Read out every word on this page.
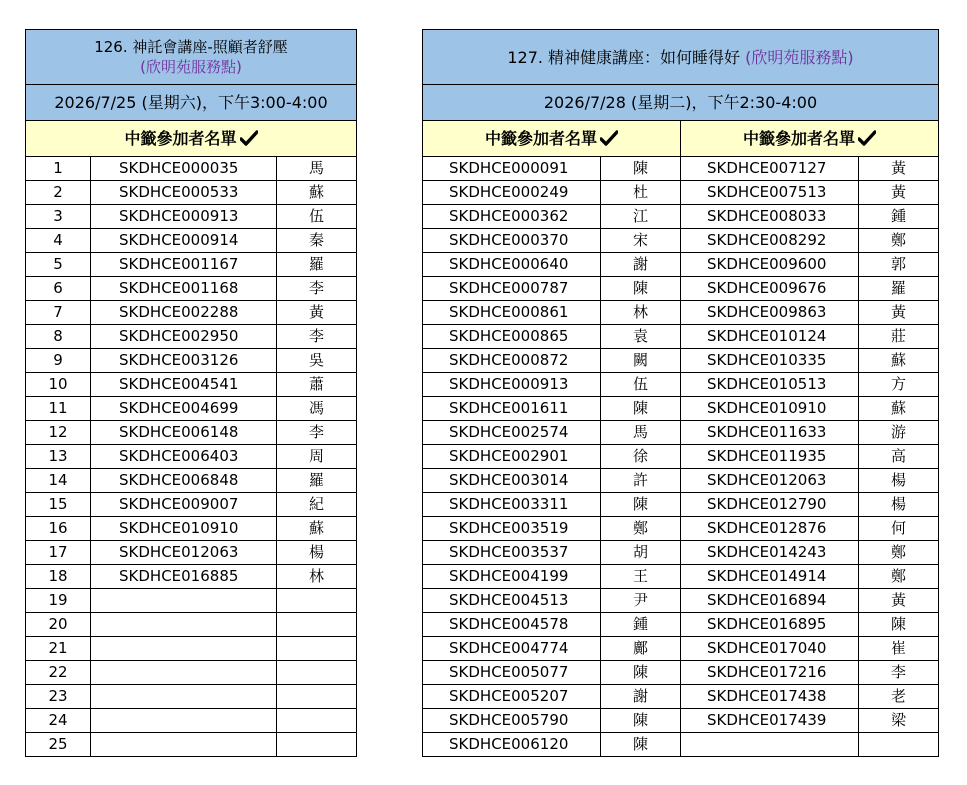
126. 神託會講座-照顧者舒壓
(欣明苑服務點)		

2026/7/25 (星期六)，下午3:00-4:00		
中籤參加者名單		
1	SKDHCE000035	馬
2	SKDHCE000533	蘇
3	SKDHCE000913	伍
4	SKDHCE000914	秦
5	SKDHCE001167	羅
6	SKDHCE001168	李
7	SKDHCE002288	黃
8	SKDHCE002950	李
9	SKDHCE003126	吳
10	SKDHCE004541	蕭
11	SKDHCE004699	馮
12	SKDHCE006148	李
13	SKDHCE006403	周
14	SKDHCE006848	羅
15	SKDHCE009007	紀
16	SKDHCE010910	蘇
17	SKDHCE012063	楊
18	SKDHCE016885	林
19		
20		
21		
22		
23		
24		
25		
127. 精神健康講座：如何睡得好 (欣明苑服務點)			
2026/7/28 (星期二)，下午2:30-4:00			
中籤參加者名單		中籤參加者名單	
SKDHCE000091	陳	SKDHCE007127	黃
SKDHCE000249	杜	SKDHCE007513	黃
SKDHCE000362	江	SKDHCE008033	鍾
SKDHCE000370	宋	SKDHCE008292	鄭
SKDHCE000640	謝	SKDHCE009600	郭
SKDHCE000787	陳	SKDHCE009676	羅
SKDHCE000861	林	SKDHCE009863	黃
SKDHCE000865	袁	SKDHCE010124	莊
SKDHCE000872	闕	SKDHCE010335	蘇
SKDHCE000913	伍	SKDHCE010513	方
SKDHCE001611	陳	SKDHCE010910	蘇
SKDHCE002574	馬	SKDHCE011633	游
SKDHCE002901	徐	SKDHCE011935	高
SKDHCE003014	許	SKDHCE012063	楊
SKDHCE003311	陳	SKDHCE012790	楊
SKDHCE003519	鄭	SKDHCE012876	何
SKDHCE003537	胡	SKDHCE014243	鄭
SKDHCE004199	王	SKDHCE014914	鄭
SKDHCE004513	尹	SKDHCE016894	黃
SKDHCE004578	鍾	SKDHCE016895	陳
SKDHCE004774	鄺	SKDHCE017040	崔
SKDHCE005077	陳	SKDHCE017216	李
SKDHCE005207	謝	SKDHCE017438	老
SKDHCE005790	陳	SKDHCE017439	梁
SKDHCE006120	陳		
